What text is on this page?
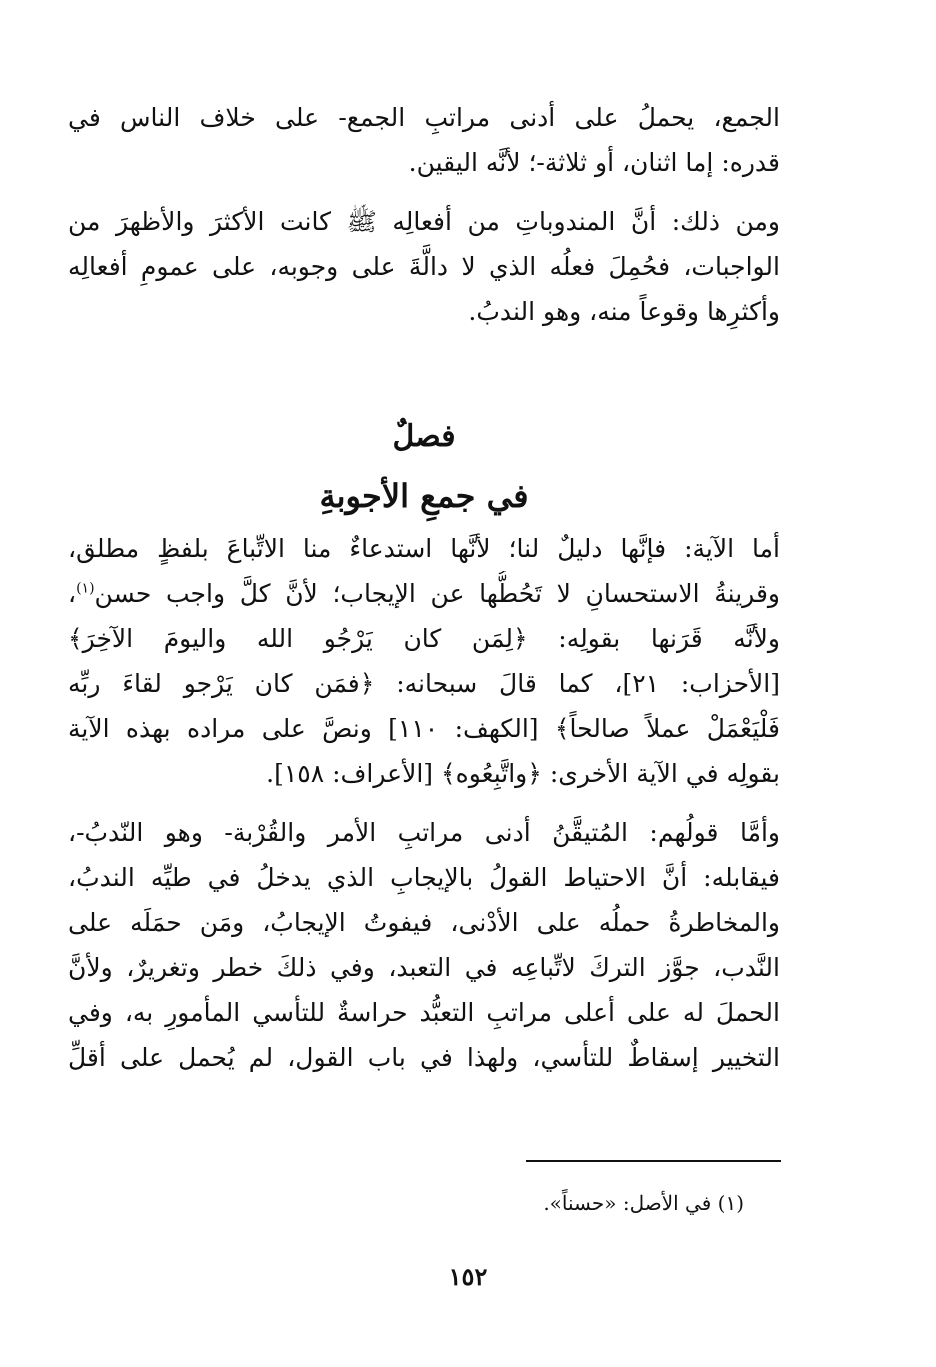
الجمع، يحملُ على أدنى مراتبِ الجمع- على خلاف الناس في
قدره: إما اثنان، أو ثلاثة-؛ لأنَّه اليقين.

ومن ذلك: أنَّ المندوباتِ من أفعالِه ﷺ كانت الأكثرَ والأظهرَ من
الواجبات، فحُمِلَ فعلُه الذي لا دالَّةَ على وجوبه، على عمومِ أفعالِه
وأكثرِها وقوعاً منه، وهو الندبُ.

فصلٌ
في جمعِ الأجوبةِ

أما الآية: فإنَّها دليلٌ لنا؛ لأنَّها استدعاءٌ منا الاتِّباعَ بلفظٍ مطلق،
وقرينةُ الاستحسانِ لا تَحُطُّها عن الإيجاب؛ لأنَّ كلَّ واجب حسن$^{(١)}$،
ولأنَّه قَرَنها بقولِه: ﴿لِمَن كان يَرْجُو الله واليومَ الآخِرَ﴾
[الأحزاب: ٢١]، كما قالَ سبحانه: ﴿فمَن كان يَرْجو لقاءَ ربِّه
فَلْيَعْمَلْ عملاً صالحاً﴾ [الكهف: ١١٠] ونصَّ على مراده بهذه الآية
بقولِه في الآية الأخرى: ﴿واتَّبِعُوه﴾ [الأعراف: ١٥٨].

وأمَّا قولُهم: المُتيقَّنُ أدنى مراتبِ الأمر والقُرْبة- وهو النّدبُ-،
فيقابله: أنَّ الاحتياط القولُ بالإيجابِ الذي يدخلُ في طيِّه الندبُ،
والمخاطرةُ حملُه على الأدْنى، فيفوتُ الإيجابُ، ومَن حمَلَه على
النَّدب، جوَّز التركَ لاتِّباعِه في التعبد، وفي ذلكَ خطر وتغريرٌ، ولأنَّ
الحملَ له على أعلى مراتبِ التعبُّد حراسةٌ للتأسي المأمورِ به، وفي
التخيير إسقاطٌ للتأسي، ولهذا في باب القول، لم يُحمل على أقلِّ

(١) في الأصل: «حسناً».
١٥٢
